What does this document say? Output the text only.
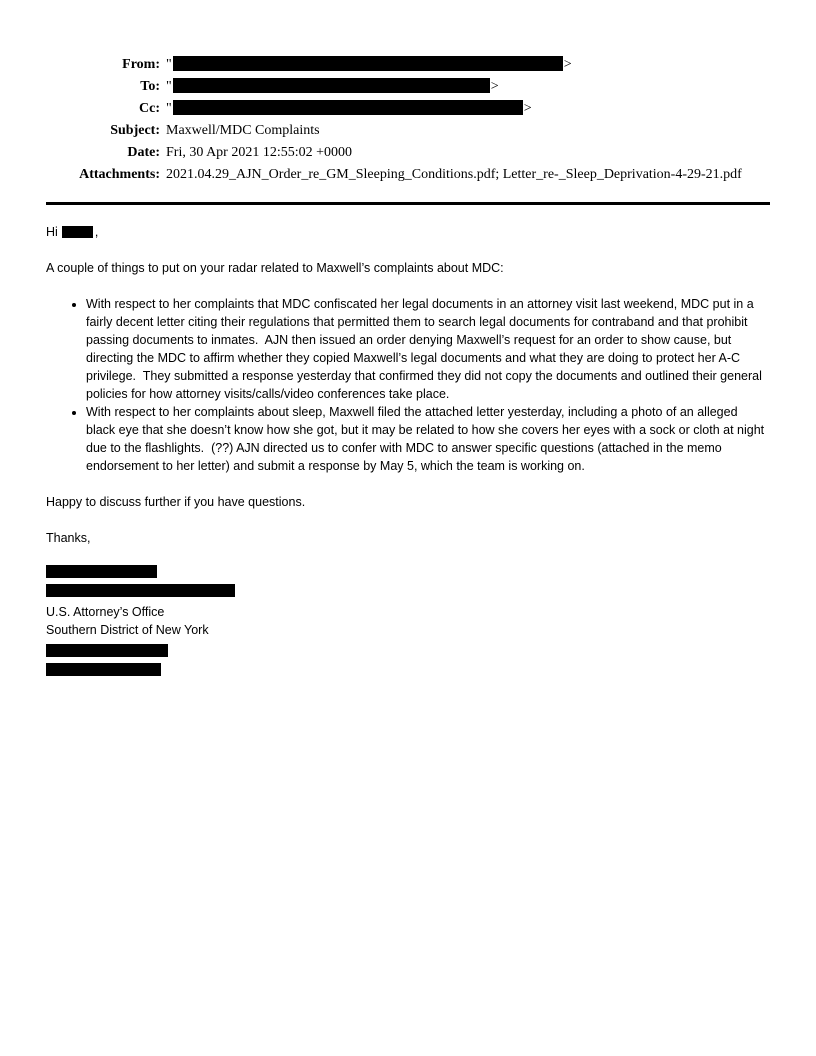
From: "	>
To: "	>
Cc: "	>
Subject: Maxwell/MDC Complaints
Date: Fri, 30 Apr 2021 12:55:02 +0000
Attachments: 2021.04.29_AJN_Order_re_GM_Sleeping_Conditions.pdf; Letter_re-_Sleep_Deprivation-4-29-21.pdf

Hi	,

A couple of things to put on your radar related to Maxwell’s complaints about MDC:

• With respect to her complaints that MDC confiscated her legal documents in an attorney visit last weekend, MDC put in a fairly decent letter citing their regulations that permitted them to search legal documents for contraband and that prohibit passing documents to inmates.  AJN then issued an order denying Maxwell’s request for an order to show cause, but directing the MDC to affirm whether they copied Maxwell’s legal documents and what they are doing to protect her A-C privilege.  They submitted a response yesterday that confirmed they did not copy the documents and outlined their general policies for how attorney visits/calls/video conferences take place.
• With respect to her complaints about sleep, Maxwell filed the attached letter yesterday, including a photo of an alleged black eye that she doesn’t know how she got, but it may be related to how she covers her eyes with a sock or cloth at night due to the flashlights.  (??) AJN directed us to confer with MDC to answer specific questions (attached in the memo endorsement to her letter) and submit a response by May 5, which the team is working on.

Happy to discuss further if you have questions.

Thanks,

U.S. Attorney’s Office
Southern District of New York
